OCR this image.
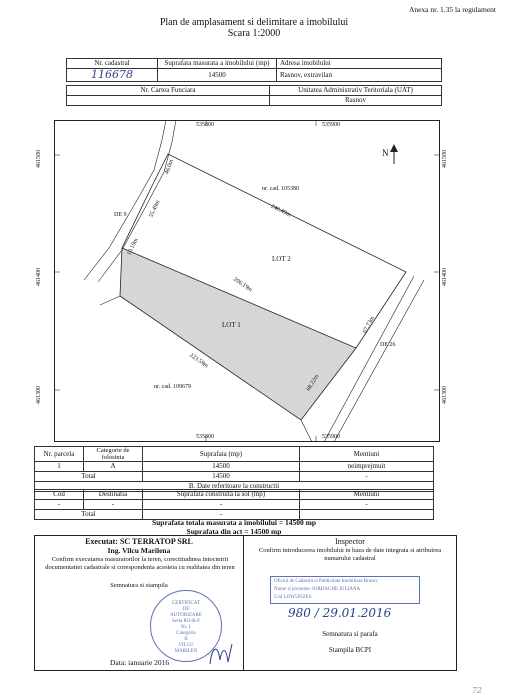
Anexa nr. 1.35 la regulament
Plan de amplasament si delimitare a imobilului
Scara 1:2000
Nr. cadastral	Suprafata masurata a imobilului (mp)	Adresa imobilului
116678	14500	Rasnov, extravilan
Nr. Cartea Funciara	Unitatea Administrativ Teritoriala (UAT)
	Rasnov
535800	535900
535800	535900
461500
461400
461300
461500
461400
461300
N
nr. cad. 105380
nr. cad. 109679
LOT 2
LOT 1
DE 9
DE 26
240.49m
206.19m
223.59m
67.73m
68.22m
10.19m
46.0m
55.49m
Nr. parcela	Categorie de folosinta	Suprafata (mp)	Mentiuni
1	A	14500	neimprejmuit
Total		14500	-
B. Date referitoare la constructii			
Cod	Destinatia	Suprafata construita la sol (mp)	Mentiuni
-	-	-	-
Total		-	
Suprafata totala masurata a imobilului = 14500 mp
Suprafata din act = 14500 mp
Executat: SC TERRATOP SRL
Ing. Vilcu Marilena
Confirm executarea masuratorilor la teren, corectitudinea intocmirii documentatiei cadastrale si corespondenta acesteia cu realitatea din teren
Semnatura si stampila
CERTIFICAT
DE
AUTORIZARE
Seria RO-B-F
Nr. 1
Categoria
B
VILCU
MARILEN
Data: ianuarie 2016
Inspector
Confirm introducerea imobilului in baza de date integrata si atribuirea numarului cadastral
Oficiul de Cadastru si Publicitate Imobiliara Brasov
Nume si prenume: IORDACHE IULIANA
Cod LOW5INZE6
980 / 29.01.2016
Semnatura si parafa
Stampila BCPI
72
